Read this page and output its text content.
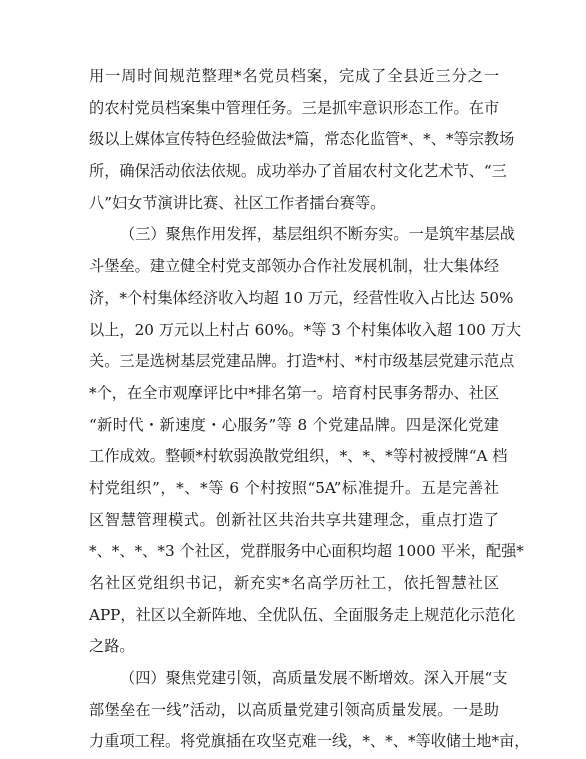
用一周时间规范整理*名党员档案，完成了全县近三分之一
的农村党员档案集中管理任务。三是抓牢意识形态工作。在市
级以上媒体宣传特色经验做法*篇，常态化监管*、*、*等宗教场
所，确保活动依法依规。成功举办了首届农村文化艺术节、“三
八”妇女节演讲比赛、社区工作者擂台赛等。
（三）聚焦作用发挥，基层组织不断夯实。一是筑牢基层战
斗堡垒。建立健全村党支部领办合作社发展机制，壮大集体经
济，*个村集体经济收入均超 10 万元，经营性收入占比达 50%
以上，20 万元以上村占 60%。*等 3 个村集体收入超 100 万大
关。三是选树基层党建品牌。打造*村、*村市级基层党建示范点
*个，在全市观摩评比中*排名第一。培育村民事务帮办、社区
“新时代・新速度・心服务”等 8 个党建品牌。四是深化党建
工作成效。整顿*村软弱涣散党组织，*、*、*等村被授牌“A 档
村党组织”，*、*等 6 个村按照“5A”标准提升。五是完善社
区智慧管理模式。创新社区共治共享共建理念，重点打造了
*、*、*、*3 个社区，党群服务中心面积均超 1000 平米，配强*
名社区党组织书记，新充实*名高学历社工，依托智慧社区
APP，社区以全新阵地、全优队伍、全面服务走上规范化示范化
之路。
（四）聚焦党建引领，高质量发展不断增效。深入开展“支
部堡垒在一线”活动，以高质量党建引领高质量发展。一是助
力重项工程。将党旗插在攻坚克难一线，*、*、*等收储土地*亩，
